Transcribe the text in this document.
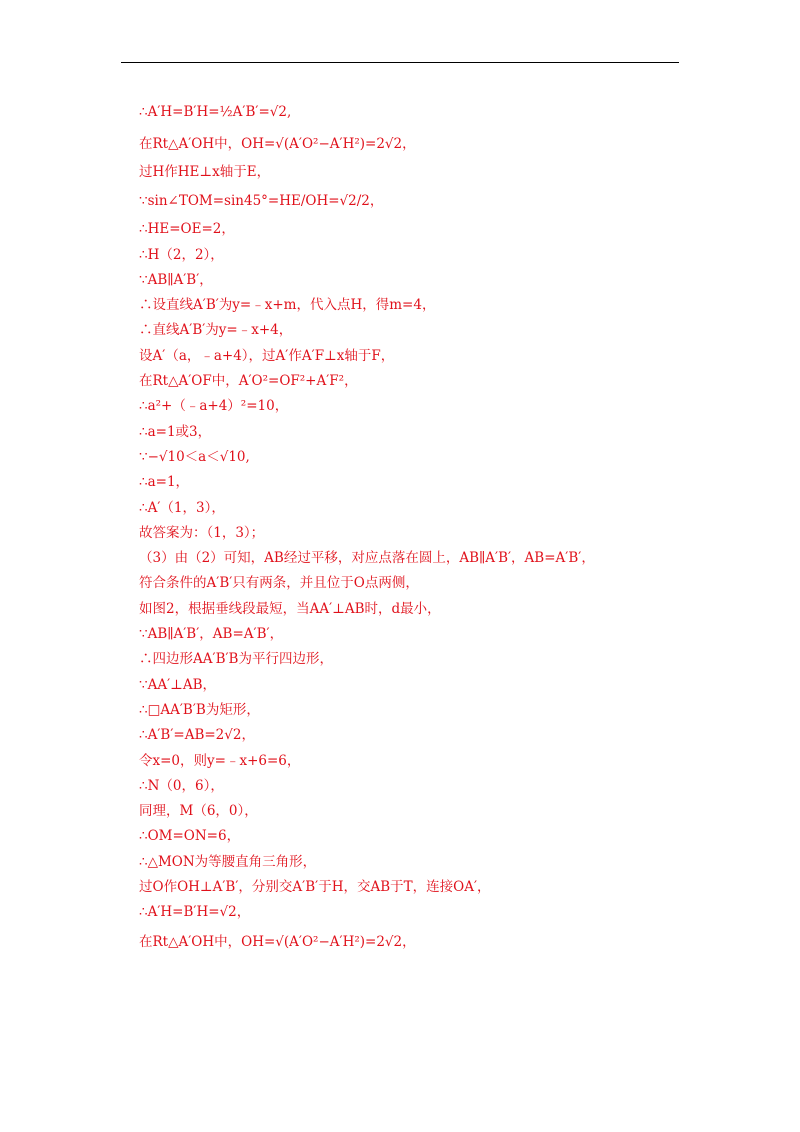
∴A′H=B′H=½A′B′=√2,
在Rt△A′OH中，OH=√(A′O²−A′H²)=2√2，
过H作HE⊥x轴于E，
∵sin∠TOM=sin45°=HE/OH=√2/2，
∴HE=OE=2，
∴H（2，2），
∵AB∥A′B′，
∴设直线A′B′为y=﹣x+m，代入点H，得m=4，
∴直线A′B′为y=﹣x+4，
设A′（a，﹣a+4），过A′作A′F⊥x轴于F，
在Rt△A′OF中，A′O²=OF²+A′F²，
∴a²+（﹣a+4）²=10，
∴a=1或3，
∵−√10＜a＜√10,
∴a=1，
∴A′（1，3），
故答案为：（1，3）；
（3）由（2）可知，AB经过平移，对应点落在圆上，AB∥A′B′，AB=A′B′，
符合条件的A′B′只有两条，并且位于O点两侧，
如图2，根据垂线段最短，当AA′⊥AB时，d最小，
∵AB∥A′B′，AB=A′B′，
∴四边形AA′B′B为平行四边形，
∵AA′⊥AB，
∴□AA′B′B为矩形，
∴A′B′=AB=2√2，
令x=0，则y=﹣x+6=6，
∴N（0，6），
同理，M（6，0），
∴OM=ON=6，
∴△MON为等腰直角三角形，
过O作OH⊥A′B′，分别交A′B′于H，交AB于T，连接OA′，
∴A′H=B′H=√2，
在Rt△A′OH中，OH=√(A′O²−A′H²)=2√2，
